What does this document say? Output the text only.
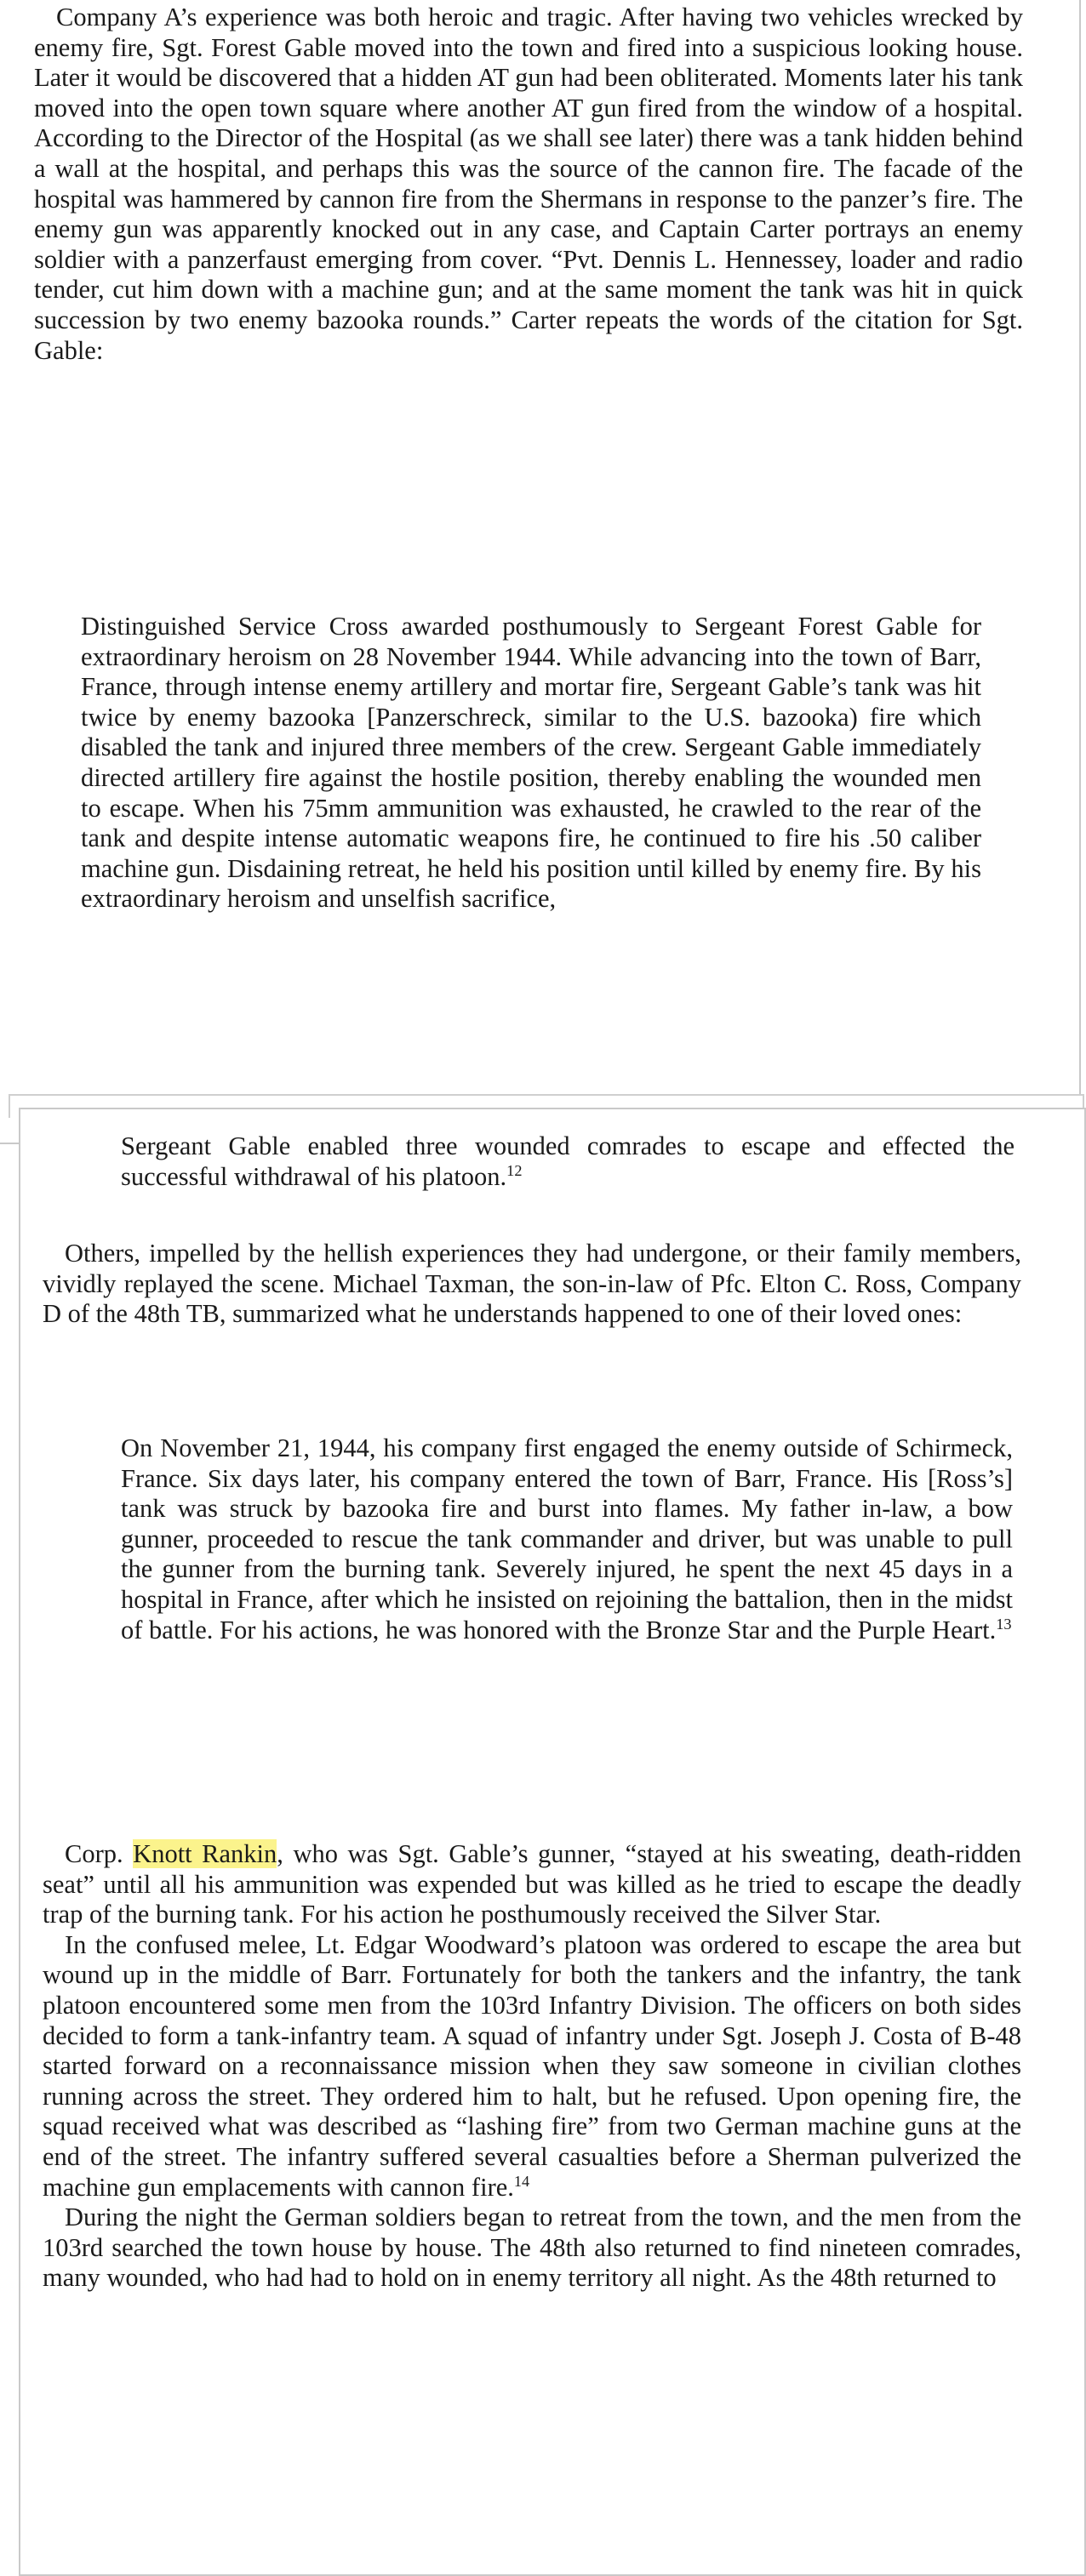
Company A’s experience was both heroic and tragic. After having two vehicles wrecked by enemy fire, Sgt. Forest Gable moved into the town and fired into a suspicious looking house. Later it would be discovered that a hidden AT gun had been obliterated. Moments later his tank moved into the open town square where another AT gun fired from the window of a hospital. According to the Director of the Hospital (as we shall see later) there was a tank hidden behind a wall at the hospital, and perhaps this was the source of the cannon fire. The facade of the hospital was hammered by cannon fire from the Shermans in response to the panzer’s fire. The enemy gun was apparently knocked out in any case, and Captain Carter portrays an enemy soldier with a panzerfaust emerging from cover. “Pvt. Dennis L. Hennessey, loader and radio tender, cut him down with a machine gun; and at the same moment the tank was hit in quick succession by two enemy bazooka rounds.” Carter repeats the words of the citation for Sgt. Gable:

Distinguished Service Cross awarded posthumously to Sergeant Forest Gable for extraordinary heroism on 28 November 1944. While advancing into the town of Barr, France, through intense enemy artillery and mortar fire, Sergeant Gable’s tank was hit twice by enemy bazooka [Panzerschreck, similar to the U.S. bazooka) fire which disabled the tank and injured three members of the crew. Sergeant Gable immediately directed artillery fire against the hostile position, thereby enabling the wounded men to escape. When his 75mm ammunition was exhausted, he crawled to the rear of the tank and despite intense automatic weapons fire, he continued to fire his .50 caliber machine gun. Disdaining retreat, he held his position until killed by enemy fire. By his extraordinary heroism and unselfish sacrifice,

Sergeant Gable enabled three wounded comrades to escape and effected the successful withdrawal of his platoon.$^{12}$

Others, impelled by the hellish experiences they had undergone, or their family members, vividly replayed the scene. Michael Taxman, the son-in-law of Pfc. Elton C. Ross, Company D of the 48th TB, summarized what he understands happened to one of their loved ones:

On November 21, 1944, his company first engaged the enemy outside of Schirmeck, France. Six days later, his company entered the town of Barr, France. His [Ross’s] tank was struck by bazooka fire and burst into flames. My father in-law, a bow gunner, proceeded to rescue the tank commander and driver, but was unable to pull the gunner from the burning tank. Severely injured, he spent the next 45 days in a hospital in France, after which he insisted on rejoining the battalion, then in the midst of battle. For his actions, he was honored with the Bronze Star and the Purple Heart.$^{13}$

Corp. Knott Rankin, who was Sgt. Gable’s gunner, “stayed at his sweating, death-ridden seat” until all his ammunition was expended but was killed as he tried to escape the deadly trap of the burning tank. For his action he posthumously received the Silver Star.

In the confused melee, Lt. Edgar Woodward’s platoon was ordered to escape the area but wound up in the middle of Barr. Fortunately for both the tankers and the infantry, the tank platoon encountered some men from the 103rd Infantry Division. The officers on both sides decided to form a tank-infantry team. A squad of infantry under Sgt. Joseph J. Costa of B-48 started forward on a reconnaissance mission when they saw someone in civilian clothes running across the street. They ordered him to halt, but he refused. Upon opening fire, the squad received what was described as “lashing fire” from two German machine guns at the end of the street. The infantry suffered several casualties before a Sherman pulverized the machine gun emplacements with cannon fire.$^{14}$

During the night the German soldiers began to retreat from the town, and the men from the 103rd searched the town house by house. The 48th also returned to find nineteen comrades, many wounded, who had had to hold on in enemy territory all night. As the 48th returned to
